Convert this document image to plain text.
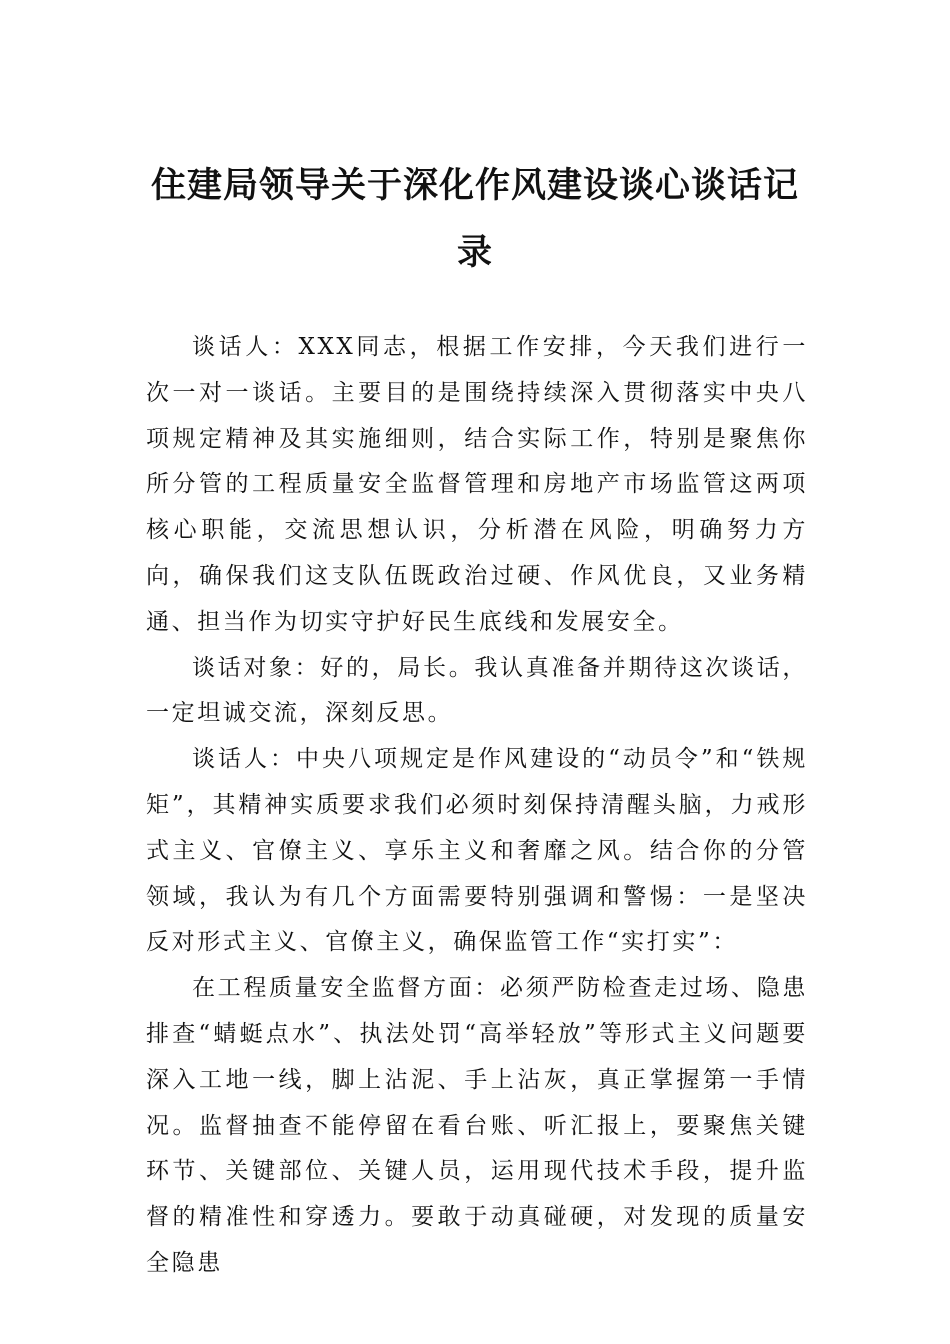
住建局领导关于深化作风建设谈心谈话记录

谈话人：XXX同志，根据工作安排，今天我们进行一次一对一谈话。主要目的是围绕持续深入贯彻落实中央八项规定精神及其实施细则，结合实际工作，特别是聚焦你所分管的工程质量安全监督管理和房地产市场监管这两项核心职能，交流思想认识，分析潜在风险，明确努力方向，确保我们这支队伍既政治过硬、作风优良，又业务精通、担当作为切实守护好民生底线和发展安全。

谈话对象：好的，局长。我认真准备并期待这次谈话，一定坦诚交流，深刻反思。

谈话人：中央八项规定是作风建设的“动员令”和“铁规矩”，其精神实质要求我们必须时刻保持清醒头脑，力戒形式主义、官僚主义、享乐主义和奢靡之风。结合你的分管领域，我认为有几个方面需要特别强调和警惕：一是坚决反对形式主义、官僚主义，确保监管工作“实打实”：

在工程质量安全监督方面：必须严防检查走过场、隐患排查“蜻蜓点水”、执法处罚“高举轻放”等形式主义问题要深入工地一线，脚上沾泥、手上沾灰，真正掌握第一手情况。监督抽查不能停留在看台账、听汇报上，要聚焦关键环节、关键部位、关键人员，运用现代技术手段，提升监督的精准性和穿透力。要敢于动真碰硬，对发现的质量安全隐患
